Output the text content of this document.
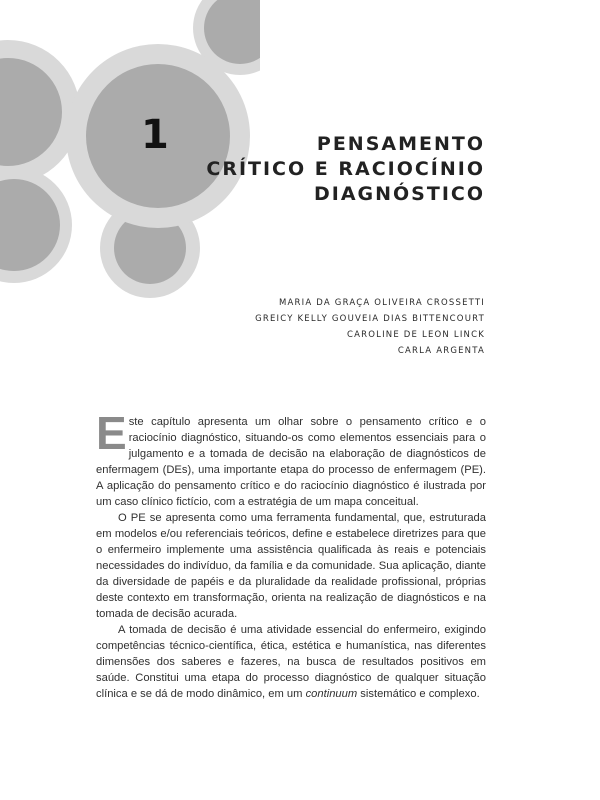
1	PENSAMENTO
CRÍTICO E RACIOCÍNIO
DIAGNÓSTICO
MARIA DA GRAÇA OLIVEIRA CROSSETTI
GREICY KELLY GOUVEIA DIAS BITTENCOURT
CAROLINE DE LEON LINCK
CARLA ARGENTA

Este capítulo apresenta um olhar sobre o pensamento crítico e o raciocínio diagnóstico, situando-os como elementos essenciais para o julgamento e a tomada de decisão na elaboração de diagnósticos de enfermagem (DEs), uma importante etapa do processo de enfermagem (PE). A aplicação do pensamento crítico e do raciocínio diagnóstico é ilustrada por um caso clínico fictício, com a estratégia de um mapa conceitual.

O PE se apresenta como uma ferramenta fundamental, que, estruturada em modelos e/ou referenciais teóricos, define e estabelece diretrizes para que o enfermeiro implemente uma assistência qualificada às reais e potenciais necessidades do indivíduo, da família e da comunidade. Sua aplicação, diante da diversidade de papéis e da pluralidade da realidade profissional, próprias deste contexto em transformação, orienta na realização de diagnósticos e na tomada de decisão acurada.

A tomada de decisão é uma atividade essencial do enfermeiro, exigindo competências técnico-científica, ética, estética e humanística, nas diferentes dimensões dos saberes e fazeres, na busca de resultados positivos em saúde. Constitui uma etapa do processo diagnóstico de qualquer situação clínica e se dá de modo dinâmico, em um continuum sistemático e complexo.
